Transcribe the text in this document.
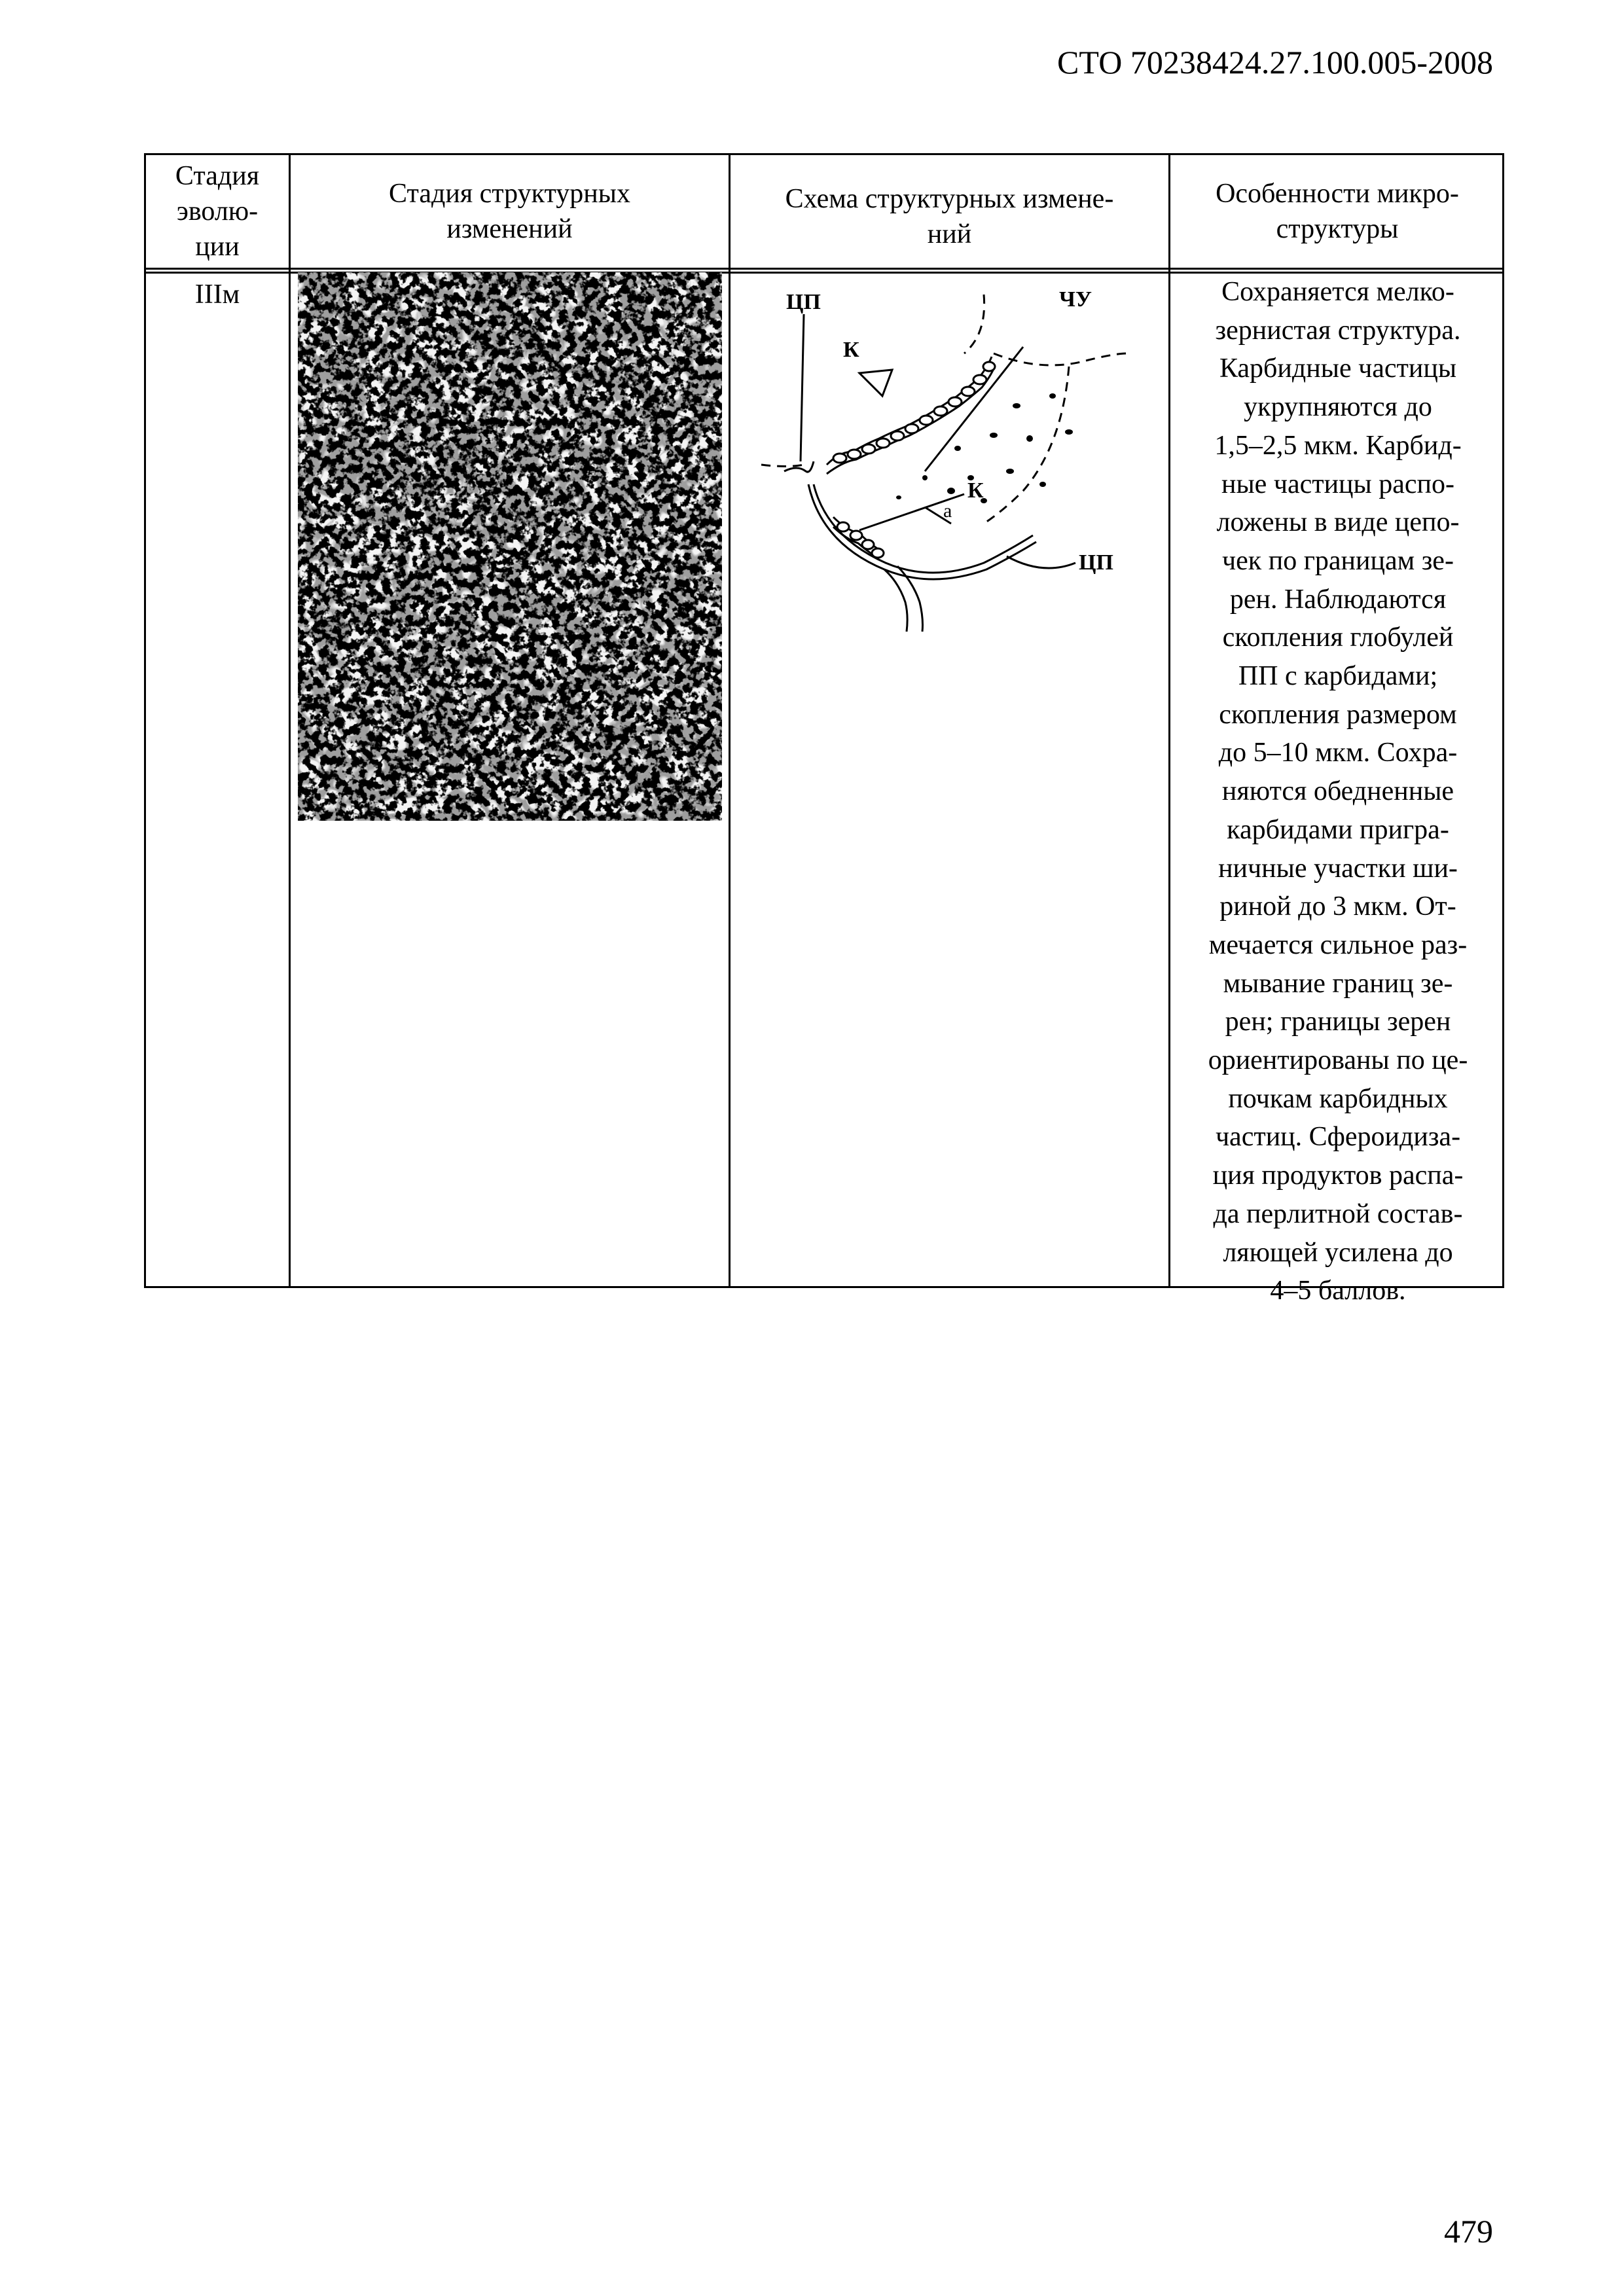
СТО 70238424.27.100.005-2008
Стадия
эволю-
ции
Стадия структурных
изменений
Схема структурных измене-
ний
Особенности микро-
структуры
IIIм	ЦП
К
ЧУ
К
а
ЦП
Сохраняется мелко-
зернистая структура.
Карбидные частицы
укрупняются до
1,5–2,5 мкм. Карбид-
ные частицы распо-
ложены в виде цепо-
чек по границам зе-
рен. Наблюдаются
скопления глобулей
ПП с карбидами;
скопления размером
до 5–10 мкм. Сохра-
няются обедненные
карбидами пригра-
ничные участки ши-
риной до 3 мкм. От-
мечается сильное раз-
мывание границ зе-
рен; границы зерен
ориентированы по це-
почкам карбидных
частиц. Сфероидиза-
ция продуктов распа-
да перлитной состав-
ляющей усилена до
4–5 баллов.
479
